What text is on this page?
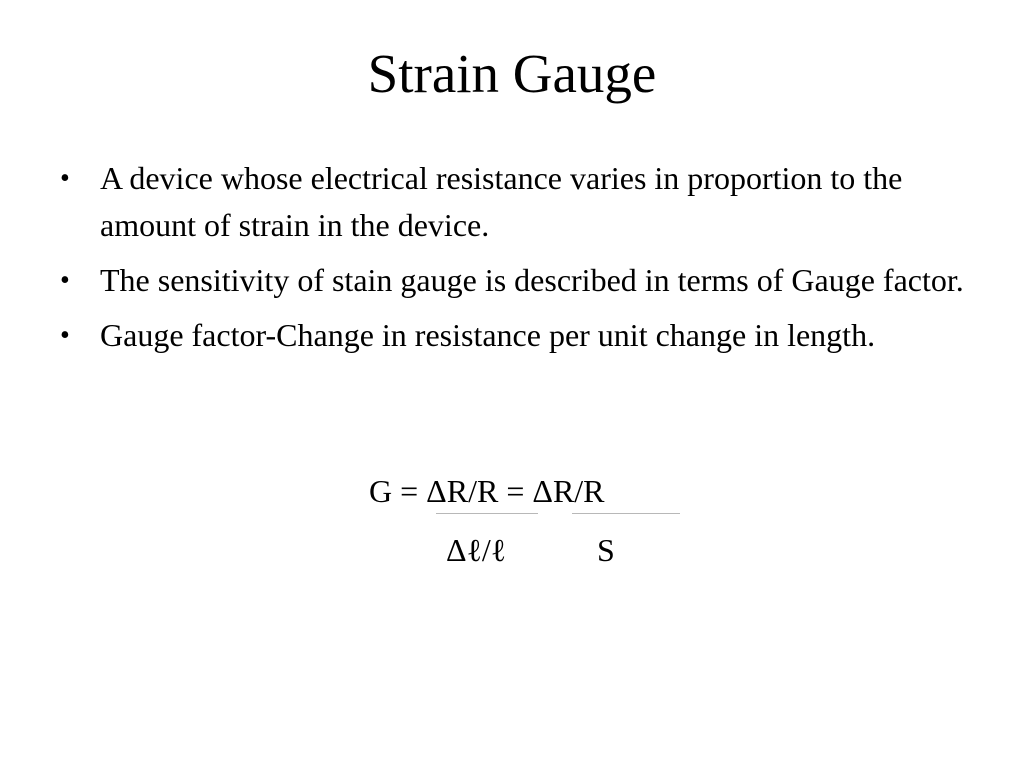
Strain Gauge
• A device whose electrical resistance varies in proportion to the amount of strain in the device.
• The sensitivity of stain gauge is described in terms of Gauge factor.
• Gauge factor-Change in resistance per unit change in length.
G = ΔR/R = ΔR/R
Δℓ/ℓ	S
